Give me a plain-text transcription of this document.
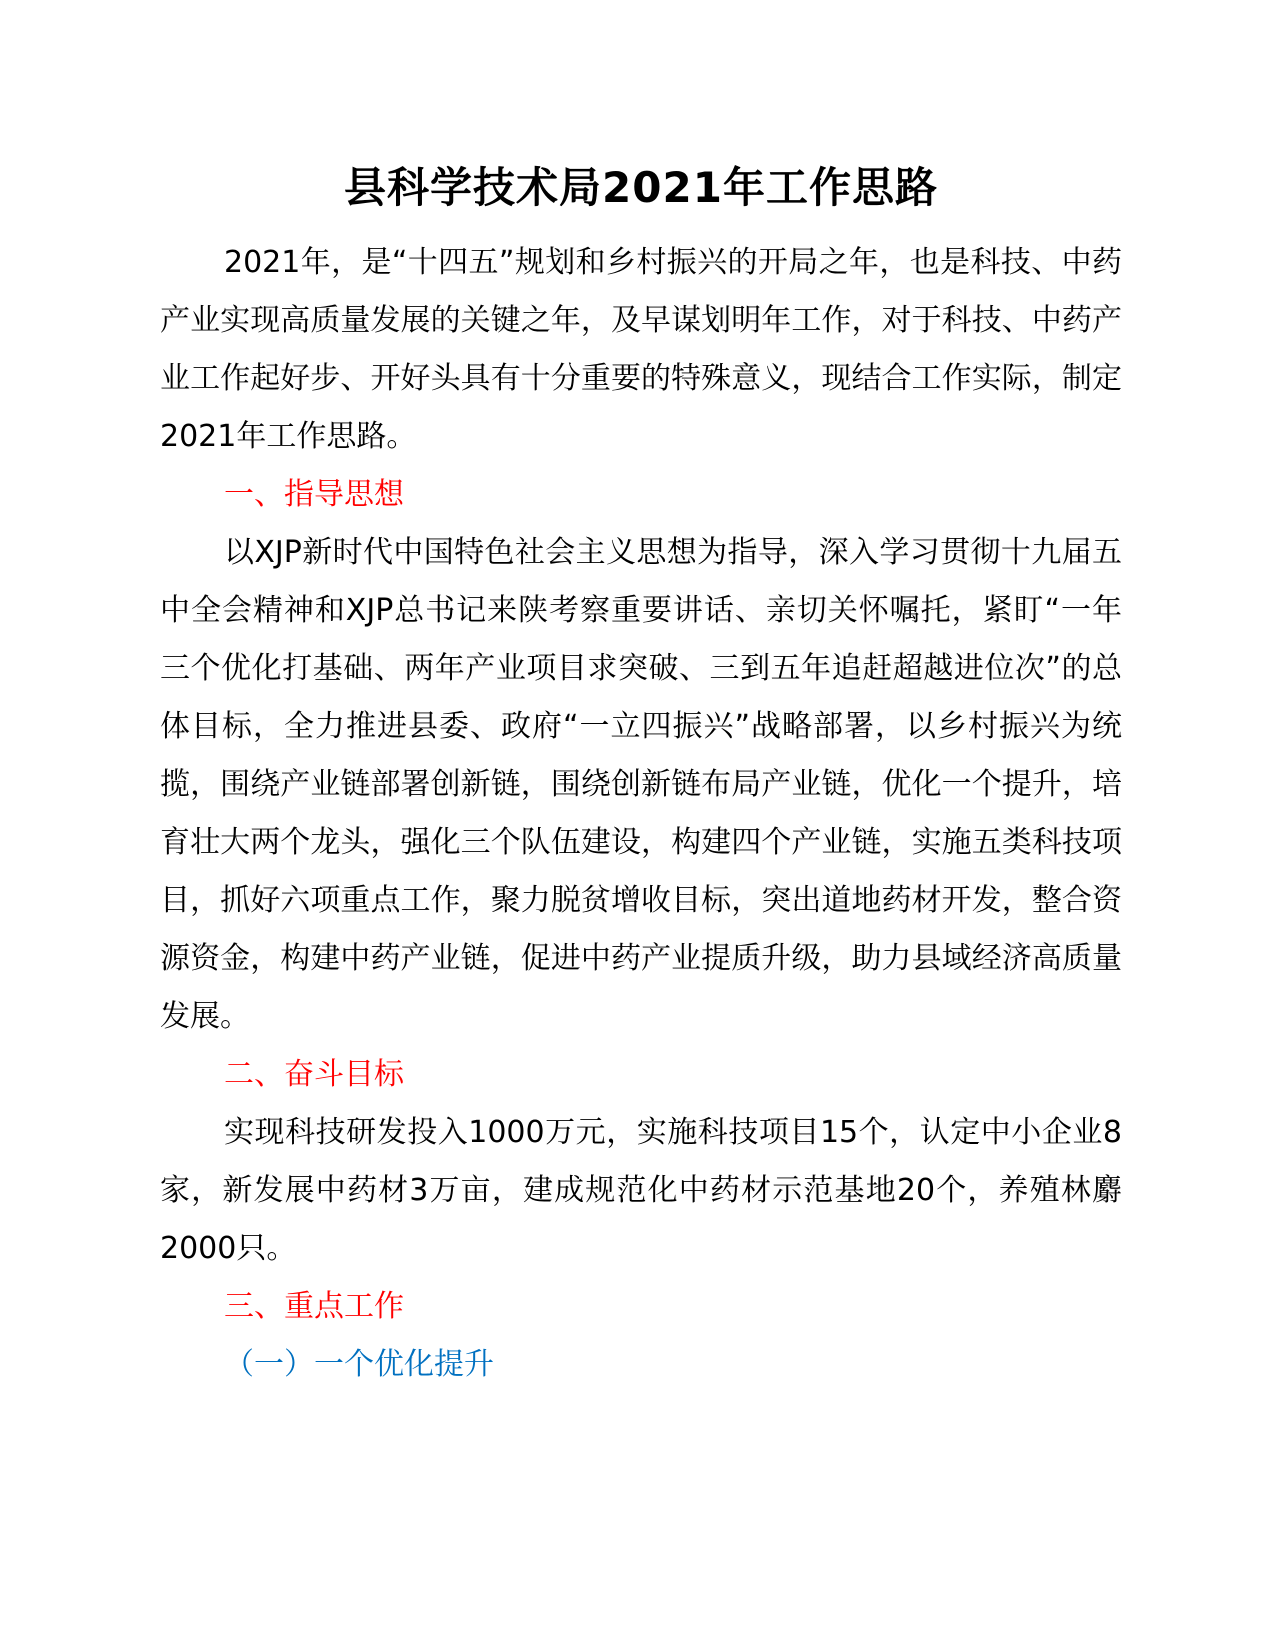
县科学技术局2021年工作思路

2021年，是“十四五”规划和乡村振兴的开局之年，也是科技、中药产业实现高质量发展的关键之年，及早谋划明年工作，对于科技、中药产业工作起好步、开好头具有十分重要的特殊意义，现结合工作实际，制定2021年工作思路。

一、指导思想

以XJP新时代中国特色社会主义思想为指导，深入学习贯彻十九届五中全会精神和XJP总书记来陕考察重要讲话、亲切关怀嘱托，紧盯“一年三个优化打基础、两年产业项目求突破、三到五年追赶超越进位次”的总体目标，全力推进县委、政府“一立四振兴”战略部署，以乡村振兴为统揽，围绕产业链部署创新链，围绕创新链布局产业链，优化一个提升，培育壮大两个龙头，强化三个队伍建设，构建四个产业链，实施五类科技项目，抓好六项重点工作，聚力脱贫增收目标，突出道地药材开发，整合资源资金，构建中药产业链，促进中药产业提质升级，助力县域经济高质量发展。

二、奋斗目标

实现科技研发投入1000万元，实施科技项目15个，认定中小企业8家，新发展中药材3万亩，建成规范化中药材示范基地20个，养殖林麝2000只。

三、重点工作

（一）一个优化提升
